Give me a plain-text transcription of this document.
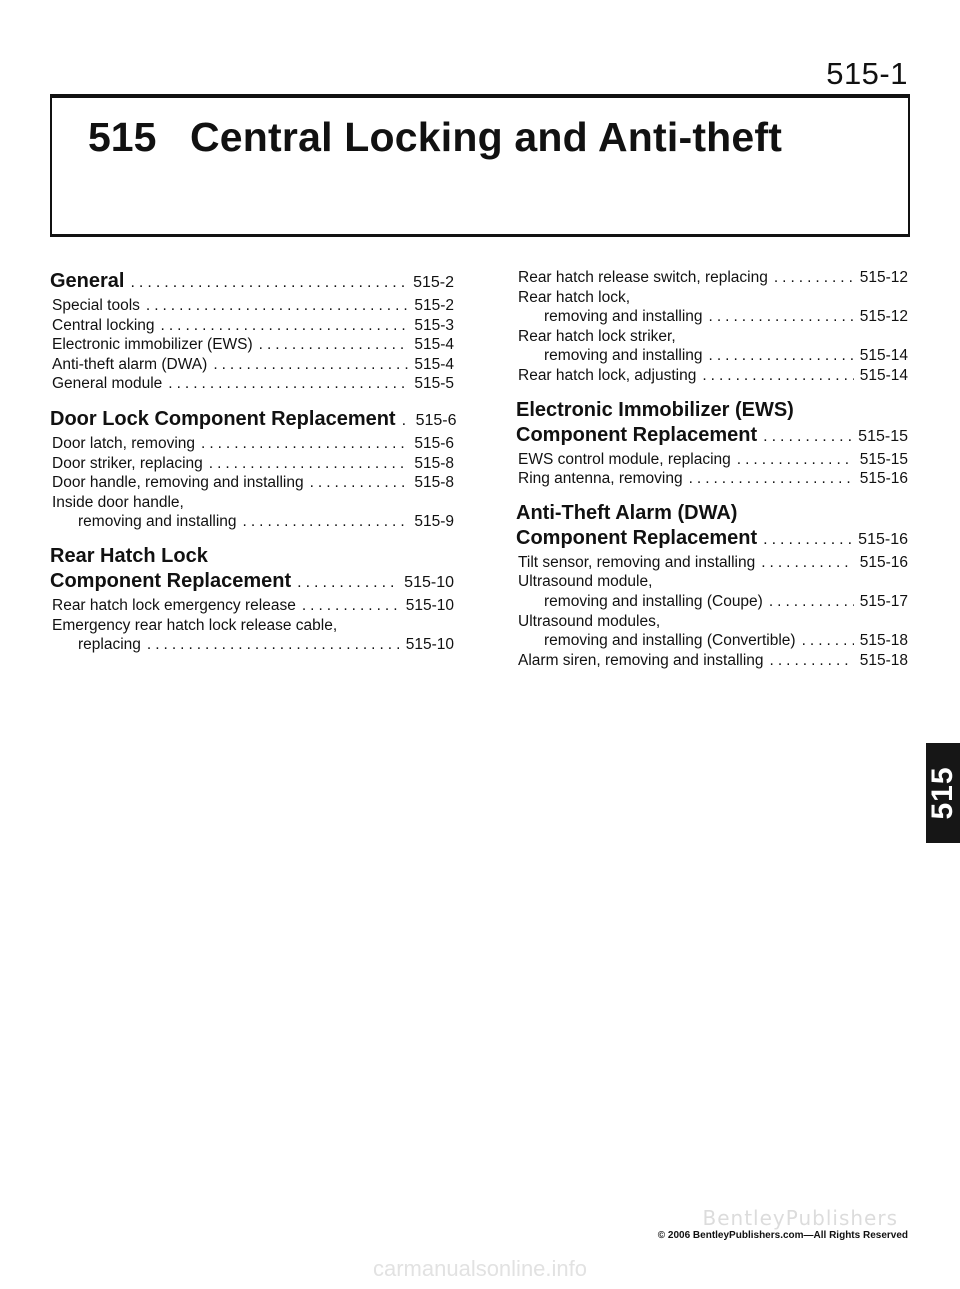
515-1
515 Central Locking and Anti-theft
General .....	515-2
Special tools .....	515-2
Central locking .....	515-3
Electronic immobilizer (EWS) .....	515-4
Anti-theft alarm (DWA) .....	515-4
General module .....	515-5
Door Lock Component Replacement ..... 515-6
Door latch, removing .....	515-6
Door striker, replacing .....	515-8
Door handle, removing and installing .....	515-8
Inside door handle,
removing and installing .....	515-9
Rear Hatch Lock
Component Replacement .....	515-10
Rear hatch lock emergency release .....	515-10
Emergency rear hatch lock release cable,
replacing .....	515-10
Rear hatch release switch, replacing .....	515-12
Rear hatch lock,
removing and installing .....	515-12
Rear hatch lock striker,
removing and installing .....	515-14
Rear hatch lock, adjusting .....	515-14
Electronic Immobilizer (EWS)
Component Replacement .....	515-15
EWS control module, replacing .....	515-15
Ring antenna, removing .....	515-16
Anti-Theft Alarm (DWA)
Component Replacement .....	515-16
Tilt sensor, removing and installing .....	515-16
Ultrasound module,
removing and installing (Coupe) .....	515-17
Ultrasound modules,
removing and installing (Convertible) .....	515-18
Alarm siren, removing and installing .....	515-18
515
BentleyPublishers
© 2006 BentleyPublishers.com—All Rights Reserved
carmanualsonline.info
